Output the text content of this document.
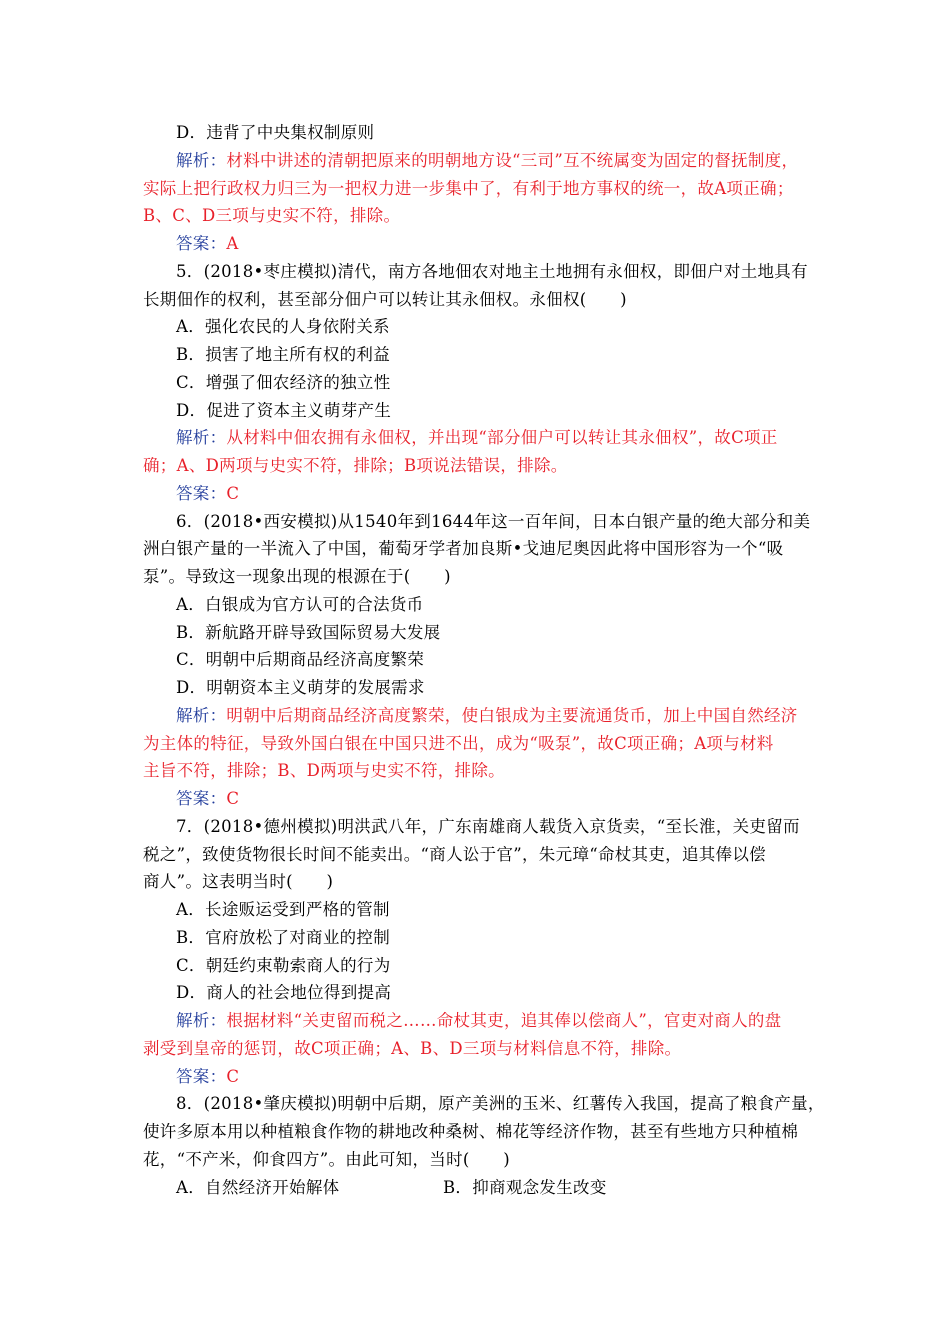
D．违背了中央集权制原则
解析：材料中讲述的清朝把原来的明朝地方设“三司”互不统属变为固定的督抚制度，
实际上把行政权力归三为一把权力进一步集中了，有利于地方事权的统一，故A项正确；
B、C、D三项与史实不符，排除。
答案：A
5．(2018•枣庄模拟)清代，南方各地佃农对地主土地拥有永佃权，即佃户对土地具有
长期佃作的权利，甚至部分佃户可以转让其永佃权。永佃权(　　)
A．强化农民的人身依附关系
B．损害了地主所有权的利益
C．增强了佃农经济的独立性
D．促进了资本主义萌芽产生
解析：从材料中佃农拥有永佃权，并出现“部分佃户可以转让其永佃权”，故C项正
确；A、D两项与史实不符，排除；B项说法错误，排除。
答案：C
6．(2018•西安模拟)从1540年到1644年这一百年间，日本白银产量的绝大部分和美
洲白银产量的一半流入了中国，葡萄牙学者加良斯•戈迪尼奥因此将中国形容为一个“吸
泵”。导致这一现象出现的根源在于(　　)
A．白银成为官方认可的合法货币
B．新航路开辟导致国际贸易大发展
C．明朝中后期商品经济高度繁荣
D．明朝资本主义萌芽的发展需求
解析：明朝中后期商品经济高度繁荣，使白银成为主要流通货币，加上中国自然经济
为主体的特征，导致外国白银在中国只进不出，成为“吸泵”，故C项正确；A项与材料
主旨不符，排除；B、D两项与史实不符，排除。
答案：C
7．(2018•德州模拟)明洪武八年，广东南雄商人载货入京货卖，“至长淮，关吏留而
税之”，致使货物很长时间不能卖出。“商人讼于官”，朱元璋“命杖其吏，追其俸以偿
商人”。这表明当时(　　)
A．长途贩运受到严格的管制
B．官府放松了对商业的控制
C．朝廷约束勒索商人的行为
D．商人的社会地位得到提高
解析：根据材料“关吏留而税之……命杖其吏，追其俸以偿商人”，官吏对商人的盘
剥受到皇帝的惩罚，故C项正确；A、B、D三项与材料信息不符，排除。
答案：C
8．(2018•肇庆模拟)明朝中后期，原产美洲的玉米、红薯传入我国，提高了粮食产量，
使许多原本用以种植粮食作物的耕地改种桑树、棉花等经济作物，甚至有些地方只种植棉
花，“不产米，仰食四方”。由此可知，当时(　　)
A．自然经济开始解体	B．抑商观念发生改变
